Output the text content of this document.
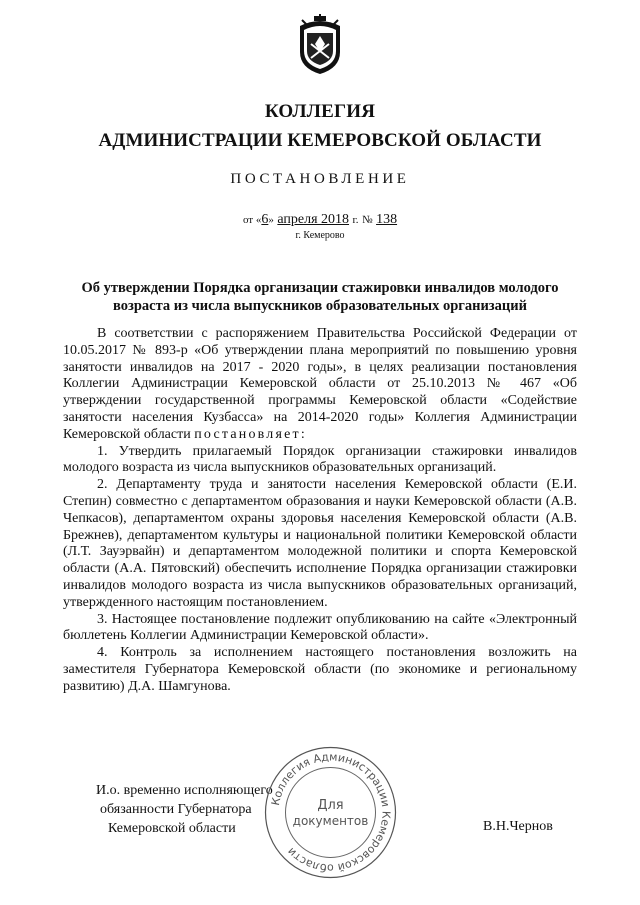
КОЛЛЕГИЯ
АДМИНИСТРАЦИИ КЕМЕРОВСКОЙ ОБЛАСТИ
ПОСТАНОВЛЕНИЕ
от «6» апреля 2018 г. № 138
г. Кемерово
Об утверждении Порядка организации стажировки инвалидов молодого возраста из числа выпускников образовательных организаций

В соответствии с распоряжением Правительства Российской Федерации от 10.05.2017 № 893-р «Об утверждении плана мероприятий по повышению уровня занятости инвалидов на 2017 - 2020 годы», в целях реализации постановления Коллегии Администрации Кемеровской области от 25.10.2013 № 467 «Об утверждении государственной программы Кемеровской области «Содействие занятости населения Кузбасса» на 2014-2020 годы» Коллегия Администрации Кемеровской области постановляет:

1. Утвердить прилагаемый Порядок организации стажировки инвалидов молодого возраста из числа выпускников образовательных организаций.

2. Департаменту труда и занятости населения Кемеровской области (Е.И. Степин) совместно с департаментом образования и науки Кемеровской области (А.В. Чепкасов), департаментом охраны здоровья населения Кемеровской области (А.В. Брежнев), департаментом культуры и национальной политики Кемеровской области (Л.Т. Зауэрвайн) и департаментом молодежной политики и спорта Кемеровской области (А.А. Пятовский) обеспечить исполнение Порядка организации стажировки инвалидов молодого возраста из числа выпускников образовательных организаций, утвержденного настоящим постановлением.

3. Настоящее постановление подлежит опубликованию на сайте «Электронный бюллетень Коллегии Администрации Кемеровской области».

4. Контроль за исполнением настоящего постановления возложить на заместителя Губернатора Кемеровской области (по экономике и региональному развитию) Д.А. Шамгунова.

И.о. временно исполняющего
обязанности Губернатора
Кемеровской области	В.Н.Чернов
Коллегия Администрации Кемеровской области
Для
документов
